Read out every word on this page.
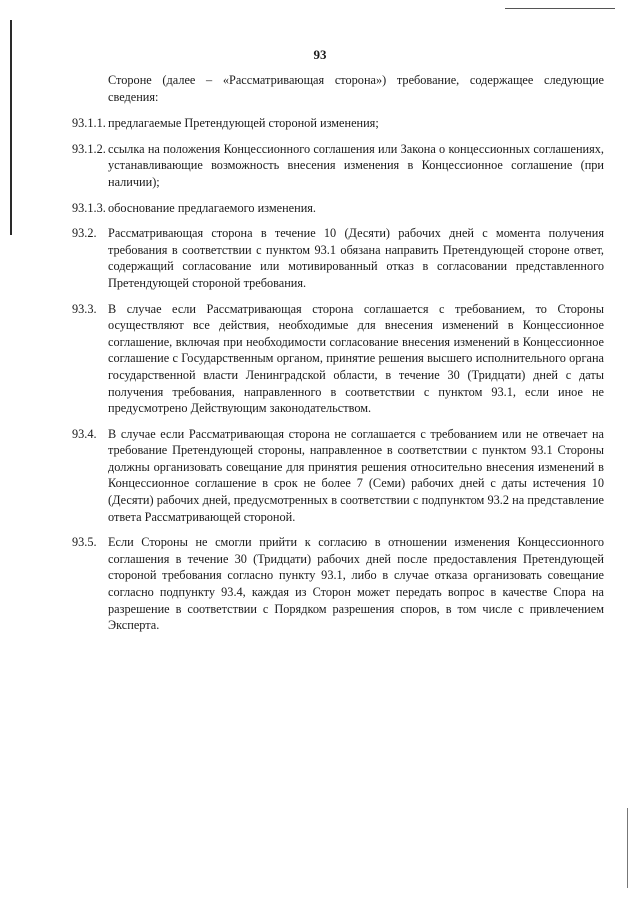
93
Стороне (далее – «Рассматривающая сторона») требование, содержащее следующие сведения:
93.1.1. предлагаемые Претендующей стороной изменения;
93.1.2. ссылка на положения Концессионного соглашения или Закона о концессионных соглашениях, устанавливающие возможность внесения изменения в Концессионное соглашение (при наличии);
93.1.3. обоснование предлагаемого изменения.
93.2. Рассматривающая сторона в течение 10 (Десяти) рабочих дней с момента получения требования в соответствии с пунктом 93.1 обязана направить Претендующей стороне ответ, содержащий согласование или мотивированный отказ в согласовании представленного Претендующей стороной требования.
93.3. В случае если Рассматривающая сторона соглашается с требованием, то Стороны осуществляют все действия, необходимые для внесения изменений в Концессионное соглашение, включая при необходимости согласование внесения изменений в Концессионное соглашение с Государственным органом, принятие решения высшего исполнительного органа государственной власти Ленинградской области, в течение 30 (Тридцати) дней с даты получения требования, направленного в соответствии с пунктом 93.1, если иное не предусмотрено Действующим законодательством.
93.4. В случае если Рассматривающая сторона не соглашается с требованием или не отвечает на требование Претендующей стороны, направленное в соответствии с пунктом 93.1 Стороны должны организовать совещание для принятия решения относительно внесения изменений в Концессионное соглашение в срок не более 7 (Семи) рабочих дней с даты истечения 10 (Десяти) рабочих дней, предусмотренных в соответствии с подпунктом 93.2 на представление ответа Рассматривающей стороной.
93.5. Если Стороны не смогли прийти к согласию в отношении изменения Концессионного соглашения в течение 30 (Тридцати) рабочих дней после предоставления Претендующей стороной требования согласно пункту 93.1, либо в случае отказа организовать совещание согласно подпункту 93.4, каждая из Сторон может передать вопрос в качестве Спора на разрешение в соответствии с Порядком разрешения споров, в том числе с привлечением Эксперта.
